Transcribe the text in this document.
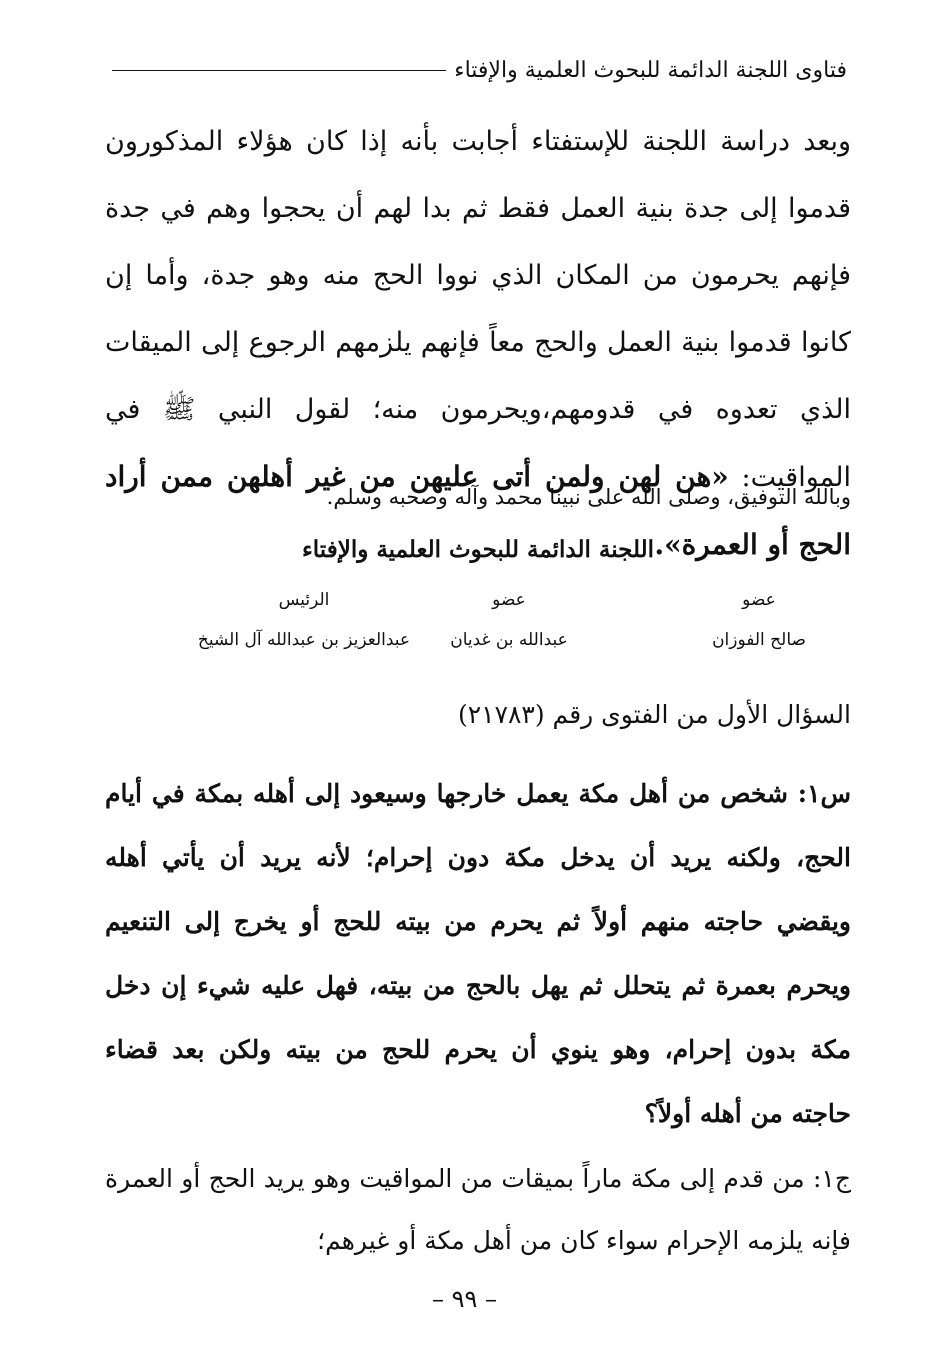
فتاوى اللجنة الدائمة للبحوث العلمية والإفتاء
وبعد دراسة اللجنة للإستفتاء أجابت بأنه إذا كان هؤلاء المذكورون قدموا إلى جدة بنية العمل فقط ثم بدا لهم أن يحجوا وهم في جدة فإنهم يحرمون من المكان الذي نووا الحج منه وهو جدة، وأما إن كانوا قدموا بنية العمل والحج معاً فإنهم يلزمهم الرجوع إلى الميقات الذي تعدوه في قدومهم،ويحرمون منه؛ لقول النبي ﷺ في المواقيت: «هن لهن ولمن أتى عليهن من غير أهلهن ممن أراد الحج أو العمرة».
وبالله التوفيق، وصلى الله على نبينا محمد وآله وصحبه وسلم.
اللجنة الدائمة للبحوث العلمية والإفتاء
عضو
صالح الفوزان
عضو
عبدالله بن غديان
الرئيس
عبدالعزيز بن عبدالله آل الشيخ
السؤال الأول من الفتوى رقم (٢١٧٨٣)
س١: شخص من أهل مكة يعمل خارجها وسيعود إلى أهله بمكة في أيام الحج، ولكنه يريد أن يدخل مكة دون إحرام؛ لأنه يريد أن يأتي أهله ويقضي حاجته منهم أولاً ثم يحرم من بيته للحج أو يخرج إلى التنعيم ويحرم بعمرة ثم يتحلل ثم يهل بالحج من بيته، فهل عليه شيء إن دخل مكة بدون إحرام، وهو ينوي أن يحرم للحج من بيته ولكن بعد قضاء حاجته من أهله أولاً؟
ج١: من قدم إلى مكة ماراً بميقات من المواقيت وهو يريد الحج أو العمرة فإنه يلزمه الإحرام سواء كان من أهل مكة أو غيرهم؛
– ٩٩ –
